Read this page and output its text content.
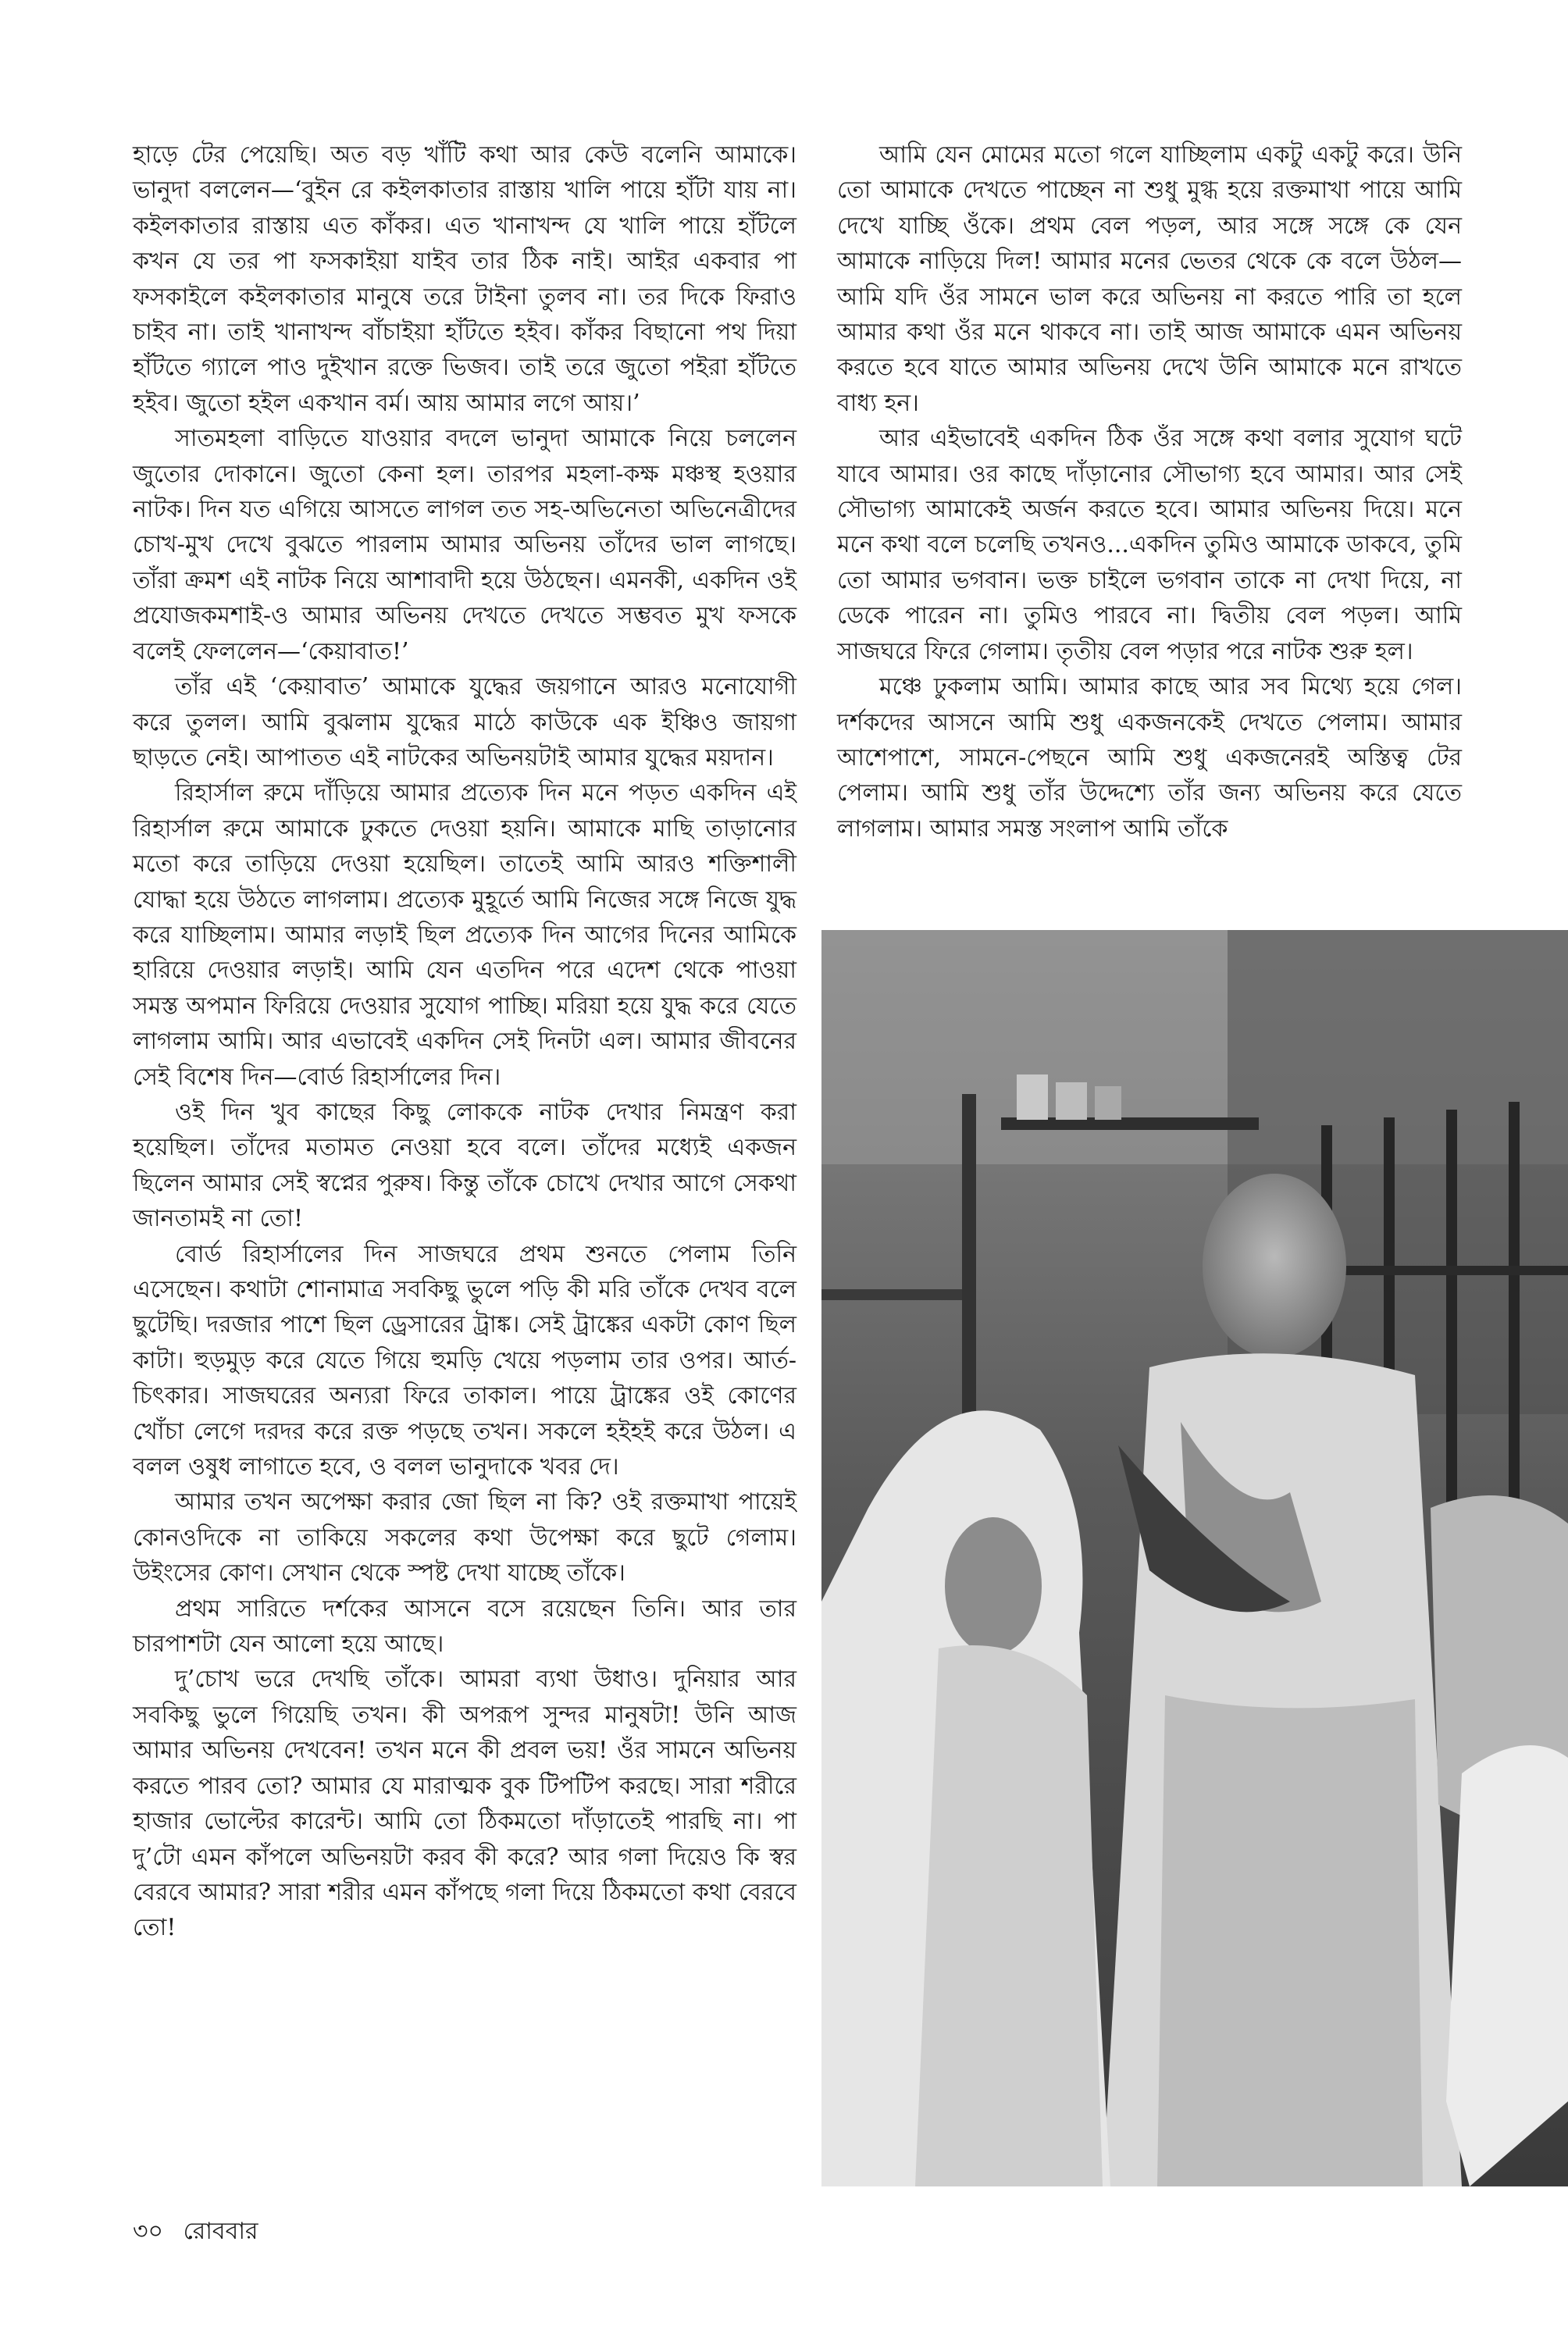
হাড়ে টের পেয়েছি। অত বড় খাঁটি কথা আর কেউ বলেনি আমাকে। ভানুদা বললেন—‘বুইন রে কইলকাতার রাস্তায় খালি পায়ে হাঁটা যায় না। কইলকাতার রাস্তায় এত কাঁকর। এত খানাখন্দ যে খালি পায়ে হাঁটলে কখন যে তর পা ফসকাইয়া যাইব তার ঠিক নাই। আইর একবার পা ফসকাইলে কইলকাতার মানুষে তরে টাইনা তুলব না। তর দিকে ফিরাও চাইব না। তাই খানাখন্দ বাঁচাইয়া হাঁটতে হইব। কাঁকর বিছানো পথ দিয়া হাঁটতে গ্যালে পাও দুইখান রক্তে ভিজব। তাই তরে জুতো পইরা হাঁটতে হইব। জুতো হইল একখান বর্ম। আয় আমার লগে আয়।’

সাতমহলা বাড়িতে যাওয়ার বদলে ভানুদা আমাকে নিয়ে চললেন জুতোর দোকানে। জুতো কেনা হল। তারপর মহলা-কক্ষ মঞ্চস্থ হওয়ার নাটক। দিন যত এগিয়ে আসতে লাগল তত সহ-অভিনেতা অভিনেত্রীদের চোখ-মুখ দেখে বুঝতে পারলাম আমার অভিনয় তাঁদের ভাল লাগছে। তাঁরা ক্রমশ এই নাটক নিয়ে আশাবাদী হয়ে উঠছেন। এমনকী, একদিন ওই প্রযোজকমশাই-ও আমার অভিনয় দেখতে দেখতে সম্ভবত মুখ ফসকে বলেই ফেললেন—‘কেয়াবাত!’

তাঁর এই ‘কেয়াবাত’ আমাকে যুদ্ধের জয়গানে আরও মনোযোগী করে তুলল। আমি বুঝলাম যুদ্ধের মাঠে কাউকে এক ইঞ্চিও জায়গা ছাড়তে নেই। আপাতত এই নাটকের অভিনয়টাই আমার যুদ্ধের ময়দান।

রিহার্সাল রুমে দাঁড়িয়ে আমার প্রত্যেক দিন মনে পড়ত একদিন এই রিহার্সাল রুমে আমাকে ঢুকতে দেওয়া হয়নি। আমাকে মাছি তাড়ানোর মতো করে তাড়িয়ে দেওয়া হয়েছিল। তাতেই আমি আরও শক্তিশালী যোদ্ধা হয়ে উঠতে লাগলাম। প্রত্যেক মুহূর্তে আমি নিজের সঙ্গে নিজে যুদ্ধ করে যাচ্ছিলাম। আমার লড়াই ছিল প্রত্যেক দিন আগের দিনের আমিকে হারিয়ে দেওয়ার লড়াই। আমি যেন এতদিন পরে এদেশ থেকে পাওয়া সমস্ত অপমান ফিরিয়ে দেওয়ার সুযোগ পাচ্ছি। মরিয়া হয়ে যুদ্ধ করে যেতে লাগলাম আমি। আর এভাবেই একদিন সেই দিনটা এল। আমার জীবনের সেই বিশেষ দিন—বোর্ড রিহার্সালের দিন।

ওই দিন খুব কাছের কিছু লোককে নাটক দেখার নিমন্ত্রণ করা হয়েছিল। তাঁদের মতামত নেওয়া হবে বলে। তাঁদের মধ্যেই একজন ছিলেন আমার সেই স্বপ্নের পুরুষ। কিন্তু তাঁকে চোখে দেখার আগে সেকথা জানতামই না তো!

বোর্ড রিহার্সালের দিন সাজঘরে প্রথম শুনতে পেলাম তিনি এসেছেন। কথাটা শোনামাত্র সবকিছু ভুলে পড়ি কী মরি তাঁকে দেখব বলে ছুটেছি। দরজার পাশে ছিল ড্রেসারের ট্রাঙ্ক। সেই ট্রাঙ্কের একটা কোণ ছিল কাটা। হুড়মুড় করে যেতে গিয়ে হুমড়ি খেয়ে পড়লাম তার ওপর। আর্ত-চিৎকার। সাজঘরের অন্যরা ফিরে তাকাল। পায়ে ট্রাঙ্কের ওই কোণের খোঁচা লেগে দরদর করে রক্ত পড়ছে তখন। সকলে হইহই করে উঠল। এ বলল ওষুধ লাগাতে হবে, ও বলল ভানুদাকে খবর দে।

আমার তখন অপেক্ষা করার জো ছিল না কি? ওই রক্তমাখা পায়েই কোনওদিকে না তাকিয়ে সকলের কথা উপেক্ষা করে ছুটে গেলাম। উইংসের কোণ। সেখান থেকে স্পষ্ট দেখা যাচ্ছে তাঁকে।

প্রথম সারিতে দর্শকের আসনে বসে রয়েছেন তিনি। আর তার চারপাশটা যেন আলো হয়ে আছে।

দু’চোখ ভরে দেখছি তাঁকে। আমরা ব্যথা উধাও। দুনিয়ার আর সবকিছু ভুলে গিয়েছি তখন। কী অপরূপ সুন্দর মানুষটা! উনি আজ আমার অভিনয় দেখবেন! তখন মনে কী প্রবল ভয়! ওঁর সামনে অভিনয় করতে পারব তো? আমার যে মারাত্মক বুক টিপটিপ করছে। সারা শরীরে হাজার ভোল্টের কারেন্ট। আমি তো ঠিকমতো দাঁড়াতেই পারছি না। পা দু’টো এমন কাঁপলে অভিনয়টা করব কী করে? আর গলা দিয়েও কি স্বর বেরবে আমার? সারা শরীর এমন কাঁপছে গলা দিয়ে ঠিকমতো কথা বেরবে তো!

আমি যেন মোমের মতো গলে যাচ্ছিলাম একটু একটু করে। উনি তো আমাকে দেখতে পাচ্ছেন না শুধু মুগ্ধ হয়ে রক্তমাখা পায়ে আমি দেখে যাচ্ছি ওঁকে। প্রথম বেল পড়ল, আর সঙ্গে সঙ্গে কে যেন আমাকে নাড়িয়ে দিল! আমার মনের ভেতর থেকে কে বলে উঠল—আমি যদি ওঁর সামনে ভাল করে অভিনয় না করতে পারি তা হলে আমার কথা ওঁর মনে থাকবে না। তাই আজ আমাকে এমন অভিনয় করতে হবে যাতে আমার অভিনয় দেখে উনি আমাকে মনে রাখতে বাধ্য হন।

আর এইভাবেই একদিন ঠিক ওঁর সঙ্গে কথা বলার সুযোগ ঘটে যাবে আমার। ওর কাছে দাঁড়ানোর সৌভাগ্য হবে আমার। আর সেই সৌভাগ্য আমাকেই অর্জন করতে হবে। আমার অভিনয় দিয়ে। মনে মনে কথা বলে চলেছি তখনও...একদিন তুমিও আমাকে ডাকবে, তুমি তো আমার ভগবান। ভক্ত চাইলে ভগবান তাকে না দেখা দিয়ে, না ডেকে পারেন না। তুমিও পারবে না। দ্বিতীয় বেল পড়ল। আমি সাজঘরে ফিরে গেলাম। তৃতীয় বেল পড়ার পরে নাটক শুরু হল।

মঞ্চে ঢুকলাম আমি। আমার কাছে আর সব মিথ্যে হয়ে গেল। দর্শকদের আসনে আমি শুধু একজনকেই দেখতে পেলাম। আমার আশেপাশে, সামনে-পেছনে আমি শুধু একজনেরই অস্তিত্ব টের পেলাম। আমি শুধু তাঁর উদ্দেশ্যে তাঁর জন্য অভিনয় করে যেতে লাগলাম। আমার সমস্ত সংলাপ আমি তাঁকে

৩০ রোববার
